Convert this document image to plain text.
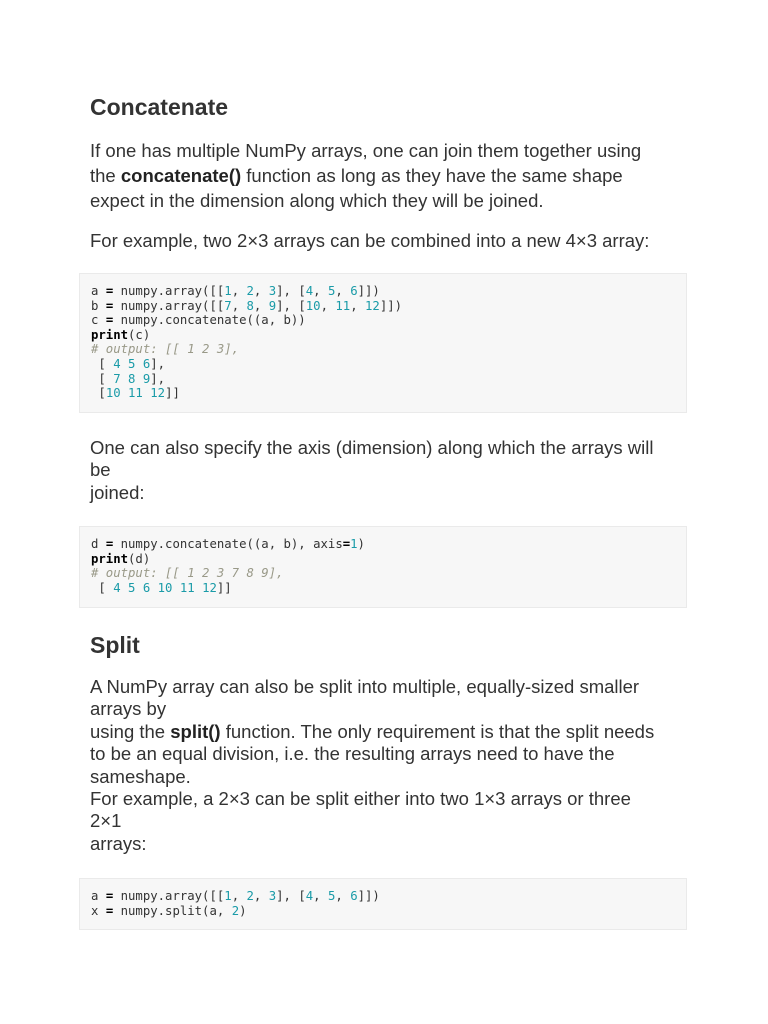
Concatenate
If one has multiple NumPy arrays, one can join them together using
the concatenate() function as long as they have the same shape
expect in the dimension along which they will be joined.
For example, two 2×3 arrays can be combined into a new 4×3 array:
a = numpy.array([[1, 2, 3], [4, 5, 6]])
b = numpy.array([[7, 8, 9], [10, 11, 12]])
c = numpy.concatenate((a, b))
print(c)
# output: [[ 1 2 3],
[ 4 5 6],
[ 7 8 9],
[10 11 12]]
One can also specify the axis (dimension) along which the arrays will
be
joined:
d = numpy.concatenate((a, b), axis=1)
print(d)
# output: [[ 1 2 3 7 8 9],
[ 4 5 6 10 11 12]]
Split
A NumPy array can also be split into multiple, equally-sized smaller
arrays by
using the split() function. The only requirement is that the split needs
to be an equal division, i.e. the resulting arrays need to have the
sameshape.
For example, a 2×3 can be split either into two 1×3 arrays or three
2×1
arrays:
a = numpy.array([[1, 2, 3], [4, 5, 6]])
x = numpy.split(a, 2)
